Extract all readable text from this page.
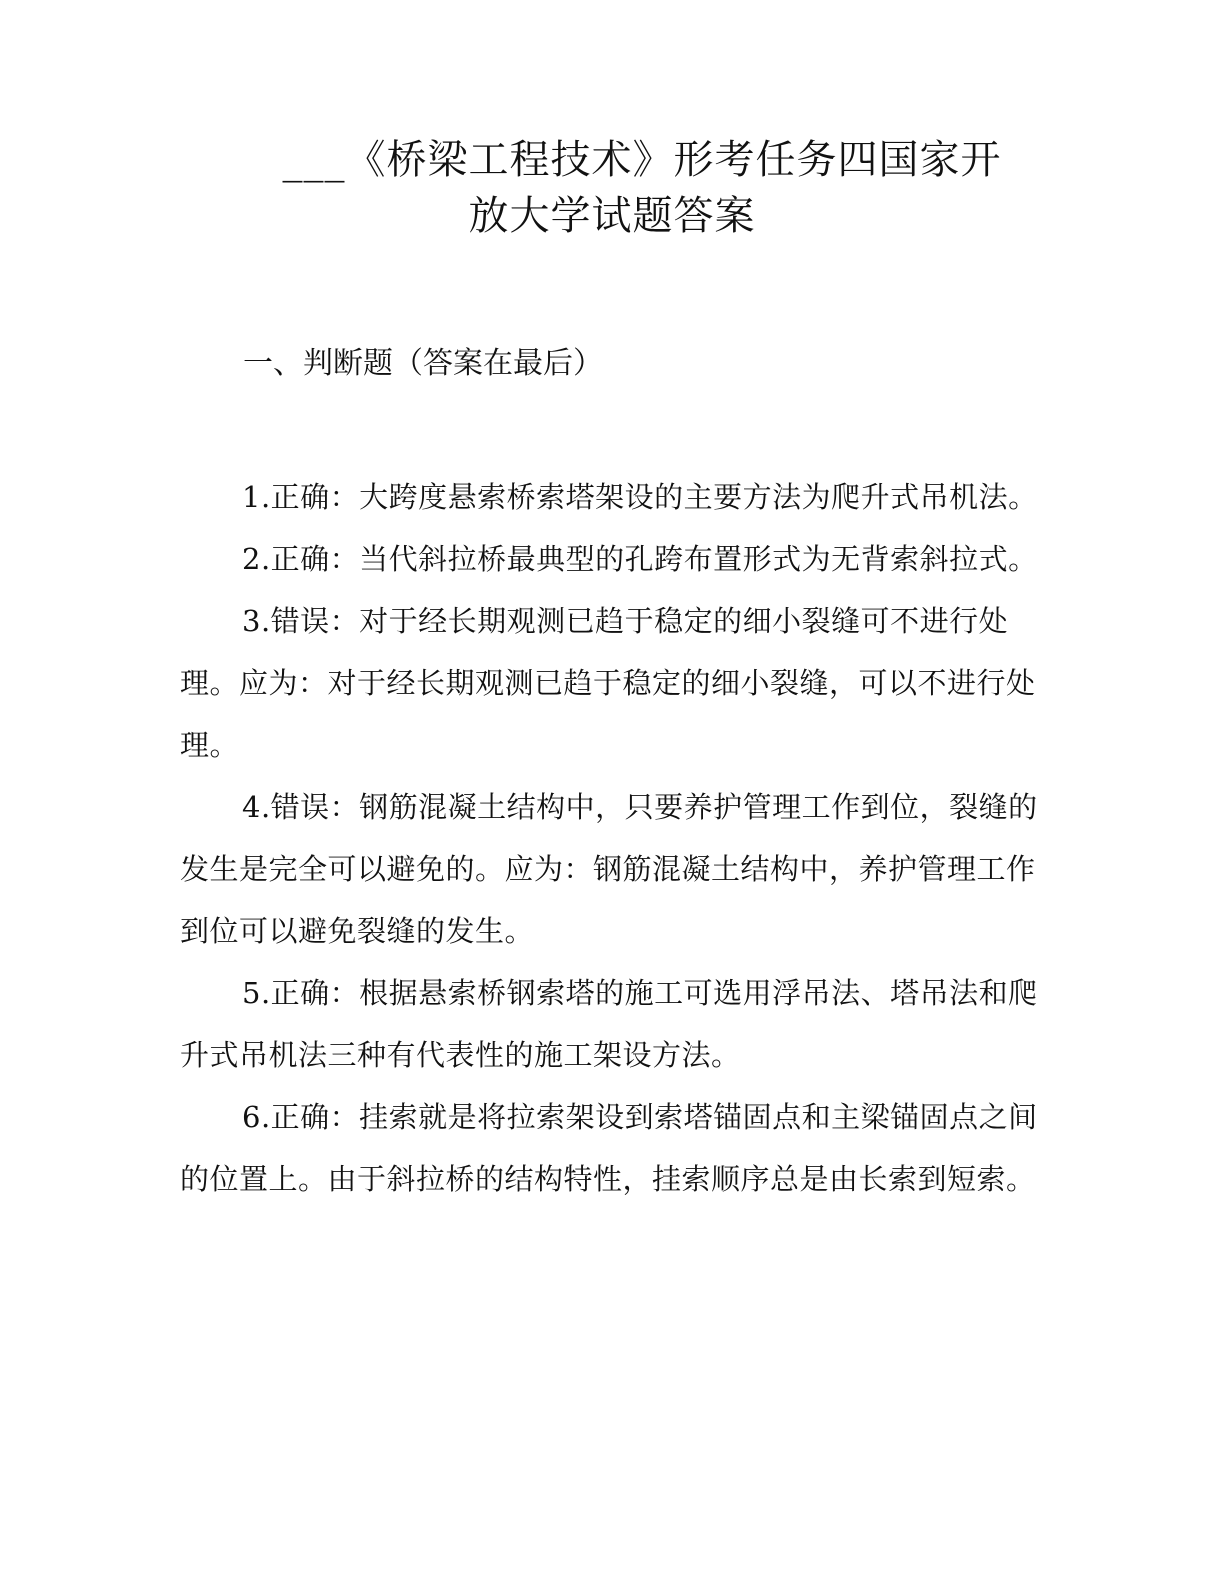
___《桥梁工程技术》形考任务四国家开
放大学试题答案
一、判断题（答案在最后）

1.正确：大跨度悬索桥索塔架设的主要方法为爬升式吊机法。

2.正确：当代斜拉桥最典型的孔跨布置形式为无背索斜拉式。

3.错误：对于经长期观测已趋于稳定的细小裂缝可不进行处理。应为：对于经长期观测已趋于稳定的细小裂缝，可以不进行处理。

4.错误：钢筋混凝土结构中，只要养护管理工作到位，裂缝的发生是完全可以避免的。应为：钢筋混凝土结构中，养护管理工作到位可以避免裂缝的发生。

5.正确：根据悬索桥钢索塔的施工可选用浮吊法、塔吊法和爬升式吊机法三种有代表性的施工架设方法。

6.正确：挂索就是将拉索架设到索塔锚固点和主梁锚固点之间的位置上。由于斜拉桥的结构特性，挂索顺序总是由长索到短索。
